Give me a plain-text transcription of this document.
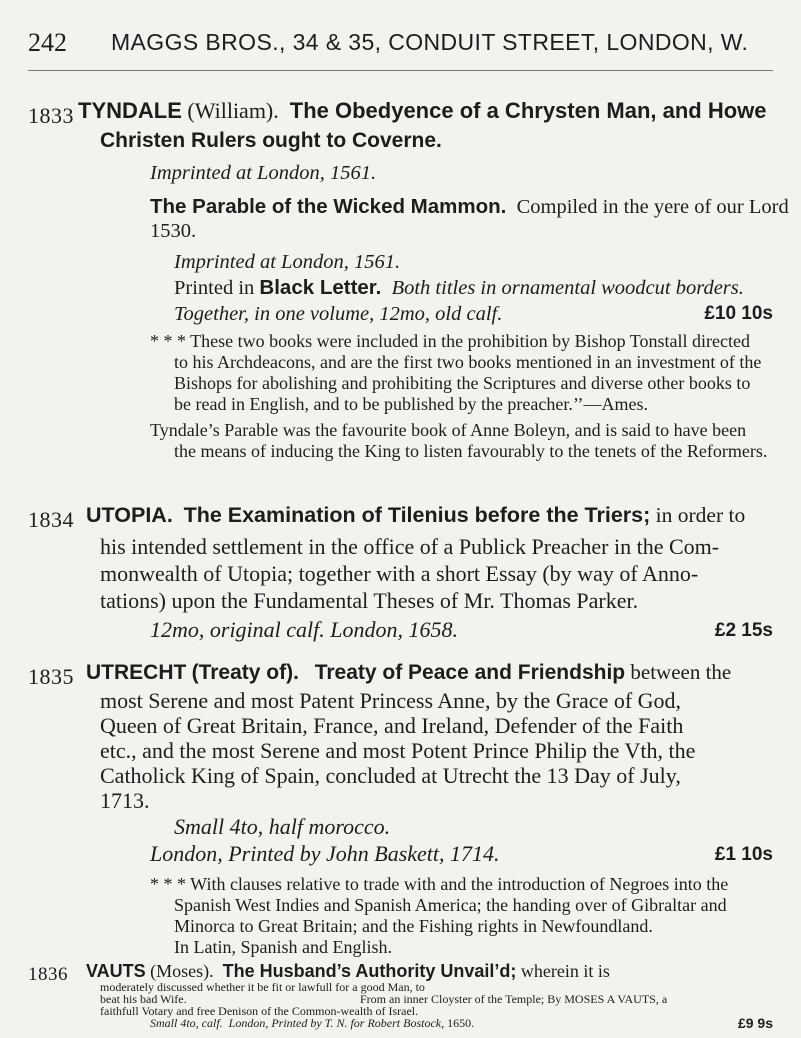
242 MAGGS BROS., 34 & 35, CONDUIT STREET, LONDON, W.
1833 TYNDALE (William). The Obedyence of a Chrysten Man, and Howe
Christen Rulers ought to Coverne.
Imprinted at London, 1561.
The Parable of the Wicked Mammon. Compiled in the yere of our Lord
1530.
Imprinted at London, 1561.
Printed in Black Letter. Both titles in ornamental woodcut borders.
Together, in one volume, 12mo, old calf.	£10 10s
* * * These two books were included in the prohibition by Bishop Tonstall directed
to his Archdeacons, and are the first two books mentioned in an investment of the
Bishops for abolishing and prohibiting the Scriptures and diverse other books to
be read in English, and to be published by the preacher.’’—Ames.
Tyndale’s Parable was the favourite book of Anne Boleyn, and is said to have been
the means of inducing the King to listen favourably to the tenets of the Reformers.
1834 UTOPIA. The Examination of Tilenius before the Triers; in order to
his intended settlement in the office of a Publick Preacher in the Com-
monwealth of Utopia; together with a short Essay (by way of Anno-
tations) upon the Fundamental Theses of Mr. Thomas Parker.
12mo, original calf. London, 1658.	£2 15s
1835 UTRECHT (Treaty of). Treaty of Peace and Friendship between the
most Serene and most Patent Princess Anne, by the Grace of God,
Queen of Great Britain, France, and Ireland, Defender of the Faith
etc., and the most Serene and most Potent Prince Philip the Vth, the
Catholick King of Spain, concluded at Utrecht the 13 Day of July,
1713.
Small 4to, half morocco.
London, Printed by John Baskett, 1714.	£1 10s
* * * With clauses relative to trade with and the introduction of Negroes into the
Spanish West Indies and Spanish America; the handing over of Gibraltar and
Minorca to Great Britain; and the Fishing rights in Newfoundland.
In Latin, Spanish and English.
1836 VAUTS (Moses). The Husband’s Authority Unvail’d; wherein it is
moderately discussed whether it be fit or lawfull for a good Man, to
beat his bad Wife.	From an inner Cloyster of the Temple; By MOSES A VAUTS, a
faithfull Votary and free Denison of the Common-wealth of Israel.
Small 4to, calf. London, Printed by T. N. for Robert Bostock, 1650.	£9 9s
